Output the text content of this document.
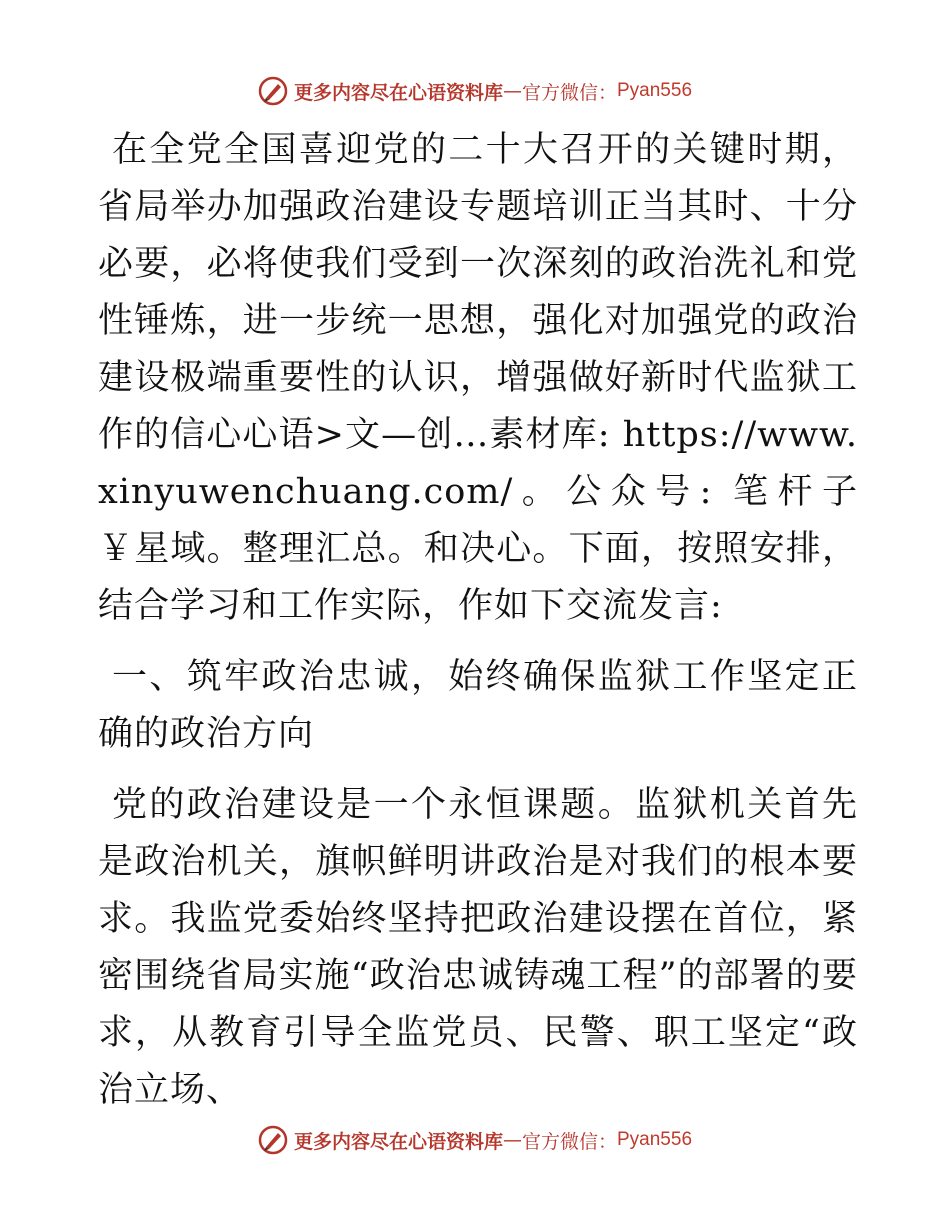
更多内容尽在心语资料库 — 官方微信： Pyan556

在全党全国喜迎党的二十大召开的关键时期，省局举办加强政治建设专题培训正当其时、十分必要，必将使我们受到一次深刻的政治洗礼和党性锤炼，进一步统一思想，强化对加强党的政治建设极端重要性的认识，增强做好新时代监狱工作的信心心语>文—创…素材库: https://www.xinyuwenchuang.com/。公众号: 笔杆子￥星域。整理汇总。和决心。下面，按照安排，结合学习和工作实际，作如下交流发言:

一、筑牢政治忠诚，始终确保监狱工作坚定正确的政治方向

党的政治建设是一个永恒课题。监狱机关首先是政治机关，旗帜鲜明讲政治是对我们的根本要求。我监党委始终坚持把政治建设摆在首位，紧密围绕省局实施“政治忠诚铸魂工程”的部署的要求，从教育引导全监党员、民警、职工坚定“政治立场、

更多内容尽在心语资料库 — 官方微信： Pyan556
